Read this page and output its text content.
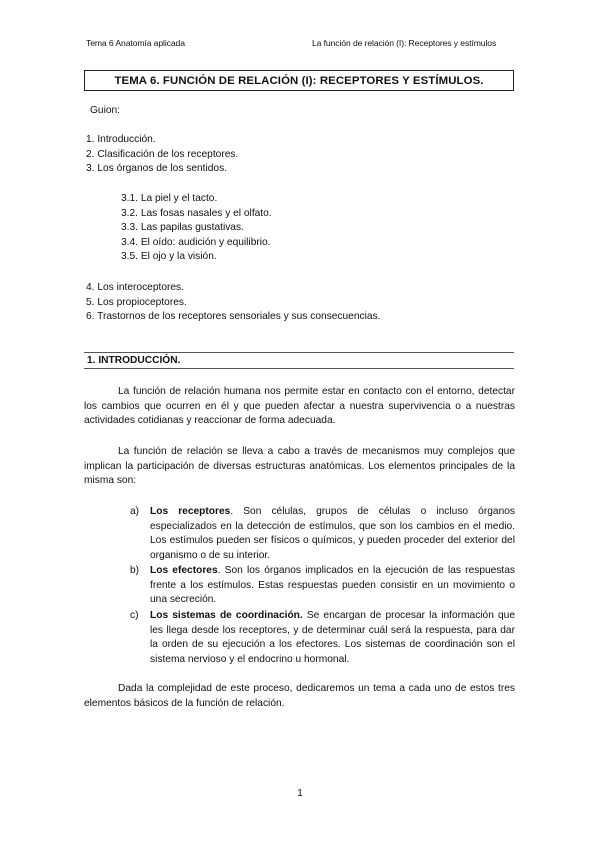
Tema 6 Anatomía aplicada	La función de relación (I): Receptores y estímulos
TEMA 6. FUNCIÓN DE RELACIÓN (I): RECEPTORES Y ESTÍMULOS.
Guion:
1. Introducción.
2. Clasificación de los receptores.
3. Los órganos de los sentidos.
3.1. La piel y el tacto.
3.2. Las fosas nasales y el olfato.
3.3. Las papilas gustativas.
3.4. El oído: audición y equilibrio.
3.5. El ojo y la visión.
4. Los interoceptores.
5. Los propioceptores.
6. Trastornos de los receptores sensoriales y sus consecuencias.
1. INTRODUCCIÓN.

La función de relación humana nos permite estar en contacto con el entorno, detectar los cambios que ocurren en él y que pueden afectar a nuestra supervivencia o a nuestras actividades cotidianas y reaccionar de forma adecuada.

La función de relación se lleva a cabo a través de mecanismos muy complejos que implican la participación de diversas estructuras anatómicas. Los elementos principales de la misma son:

a) Los receptores. Son células, grupos de células o incluso órganos especializados en la detección de estímulos, que son los cambios en el medio. Los estímulos pueden ser físicos o químicos, y pueden proceder del exterior del organismo o de su interior.
b) Los efectores. Son los órganos implicados en la ejecución de las respuestas frente a los estímulos. Estas respuestas pueden consistir en un movimiento o una secreción.
c) Los sistemas de coordinación. Se encargan de procesar la información que les llega desde los receptores, y de determinar cuál será la respuesta, para dar la orden de su ejecución a los efectores. Los sistemas de coordinación son el sistema nervioso y el endocrino u hormonal.

Dada la complejidad de este proceso, dedicaremos un tema a cada uno de estos tres elementos básicos de la función de relación.

1
